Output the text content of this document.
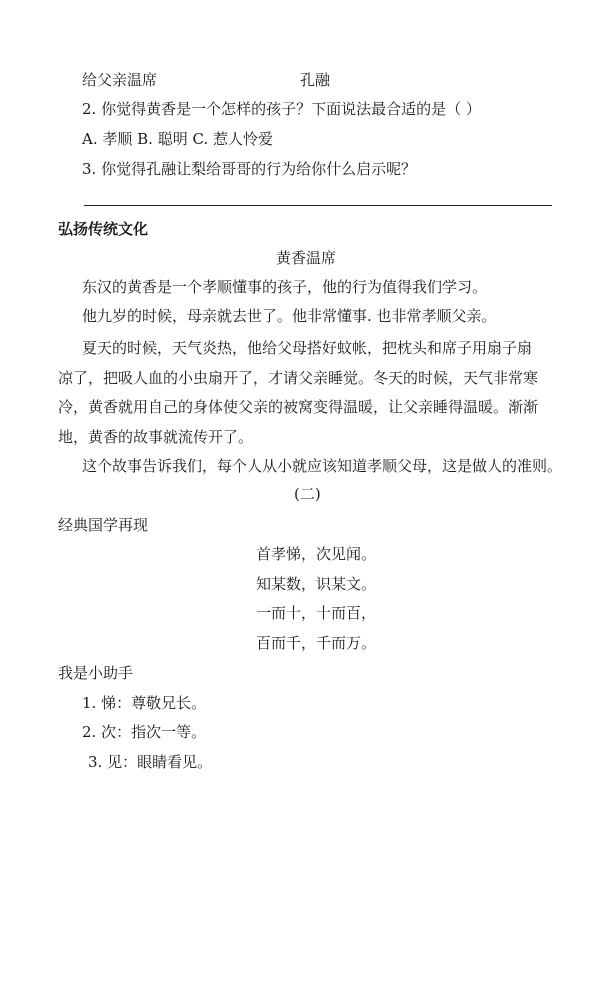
给父亲温席	孔融
2. 你觉得黄香是一个怎样的孩子？下面说法最合适的是（ ）
A. 孝顺 B. 聪明 C. 惹人怜爱
3. 你觉得孔融让梨给哥哥的行为给你什么启示呢？
弘扬传统文化
黄香温席
东汉的黄香是一个孝顺懂事的孩子，他的行为值得我们学习。
他九岁的时候，母亲就去世了。他非常懂事. 也非常孝顺父亲。
夏天的时候，天气炎热，他给父母搭好蚊帐，把枕头和席子用扇子扇
凉了，把吸人血的小虫扇开了，才请父亲睡觉。冬天的时候，天气非常寒
冷，黄香就用自己的身体使父亲的被窝变得温暖，让父亲睡得温暖。渐渐
地，黄香的故事就流传开了。
这个故事告诉我们，每个人从小就应该知道孝顺父母，这是做人的准则。
(二)
经典国学再现
首孝悌，次见闻。
知某数，识某文。
一而十，十而百，
百而千，千而万。
我是小助手
1. 悌：尊敬兄长。
2. 次：指次一等。
3. 见：眼睛看见。
